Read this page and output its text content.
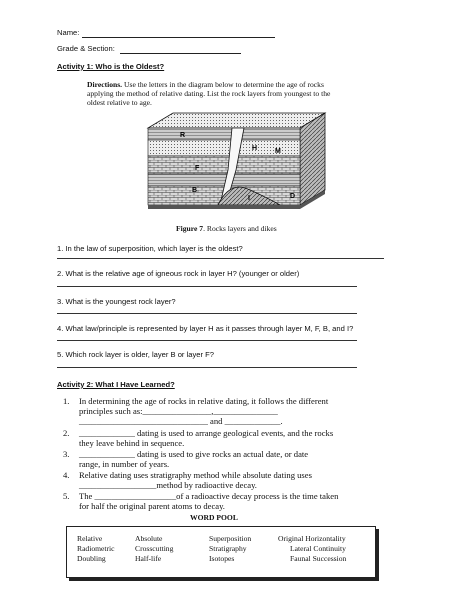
Name:
Grade & Section:
Activity 1: Who is the Oldest?
Directions. Use the letters in the diagram below to determine the age of rocks
applying the method of relative dating. List the rock layers from youngest to the
oldest relative to age.
R
H	M
F
I
B
D
Figure 7. Rocks layers and dikes
1. In the law of superposition, which layer is the oldest?
2. What is the relative age of igneous rock in layer H? (younger or older)
3. What is the youngest rock layer?
4. What law/principle is represented by layer H as it passes through layer M, F, B, and I?
5. Which rock layer is older, layer B or layer F?
Activity 2: What I Have Learned?
1. In determining the age of rocks in relative dating, it follows the different
principles such as:________________,_______________
______________________________ and _____________.
2. _____________ dating is used to arrange geological events, and the rocks
they leave behind in sequence.
3. _____________ dating is used to give rocks an actual date, or date
range, in number of years.
4. Relative dating uses stratigraphy method while absolute dating uses
__________________method by radioactive decay.
5. The ___________________of a radioactive decay process is the time taken
for half the original parent atoms to decay.
WORD POOL
Relative	Absolute	Superposition	Original Horizontality
Radiometric	Crosscutting	Stratigraphy	Lateral Continuity
Doubling	Half-life	Isotopes	Faunal Succession
